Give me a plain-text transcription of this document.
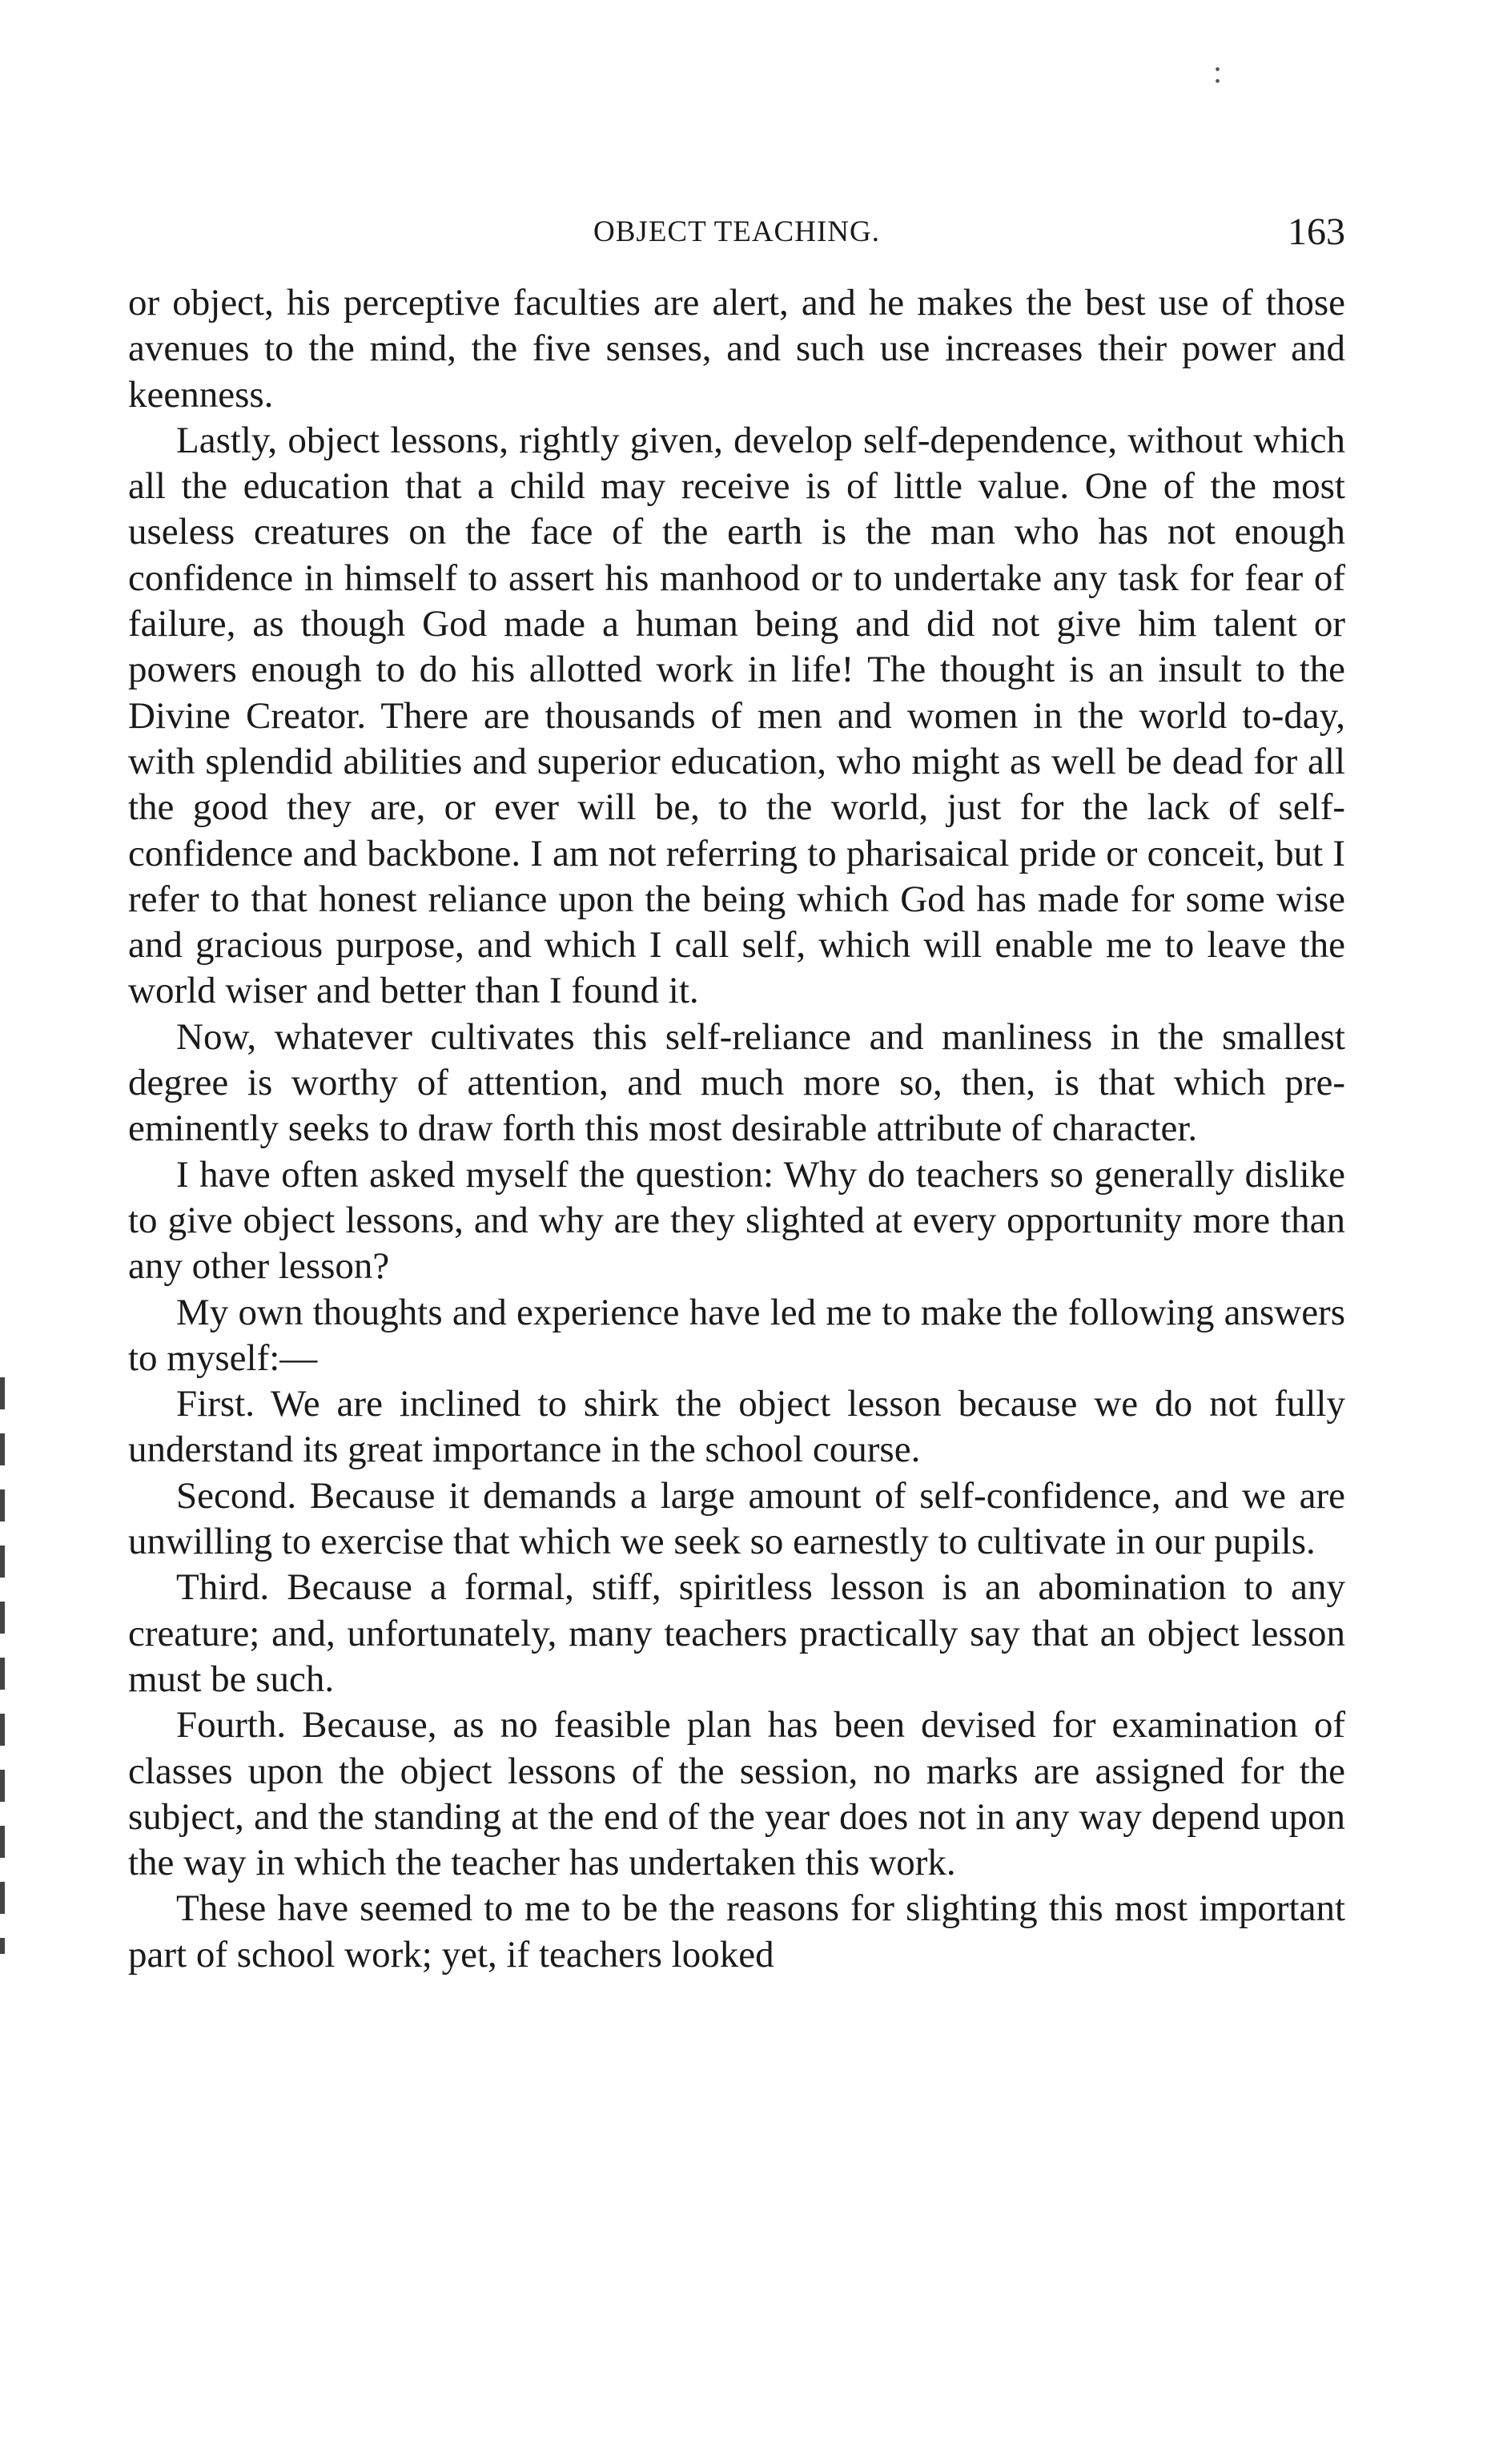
:
OBJECT TEACHING.	163

or object, his perceptive faculties are alert, and he makes the best use of those avenues to the mind, the five senses, and such use increases their power and keenness.

Lastly, object lessons, rightly given, develop self-dependence, without which all the education that a child may receive is of little value. One of the most useless creatures on the face of the earth is the man who has not enough confidence in himself to assert his manhood or to undertake any task for fear of failure, as though God made a human being and did not give him talent or powers enough to do his allotted work in life! The thought is an insult to the Divine Creator. There are thousands of men and women in the world to-day, with splendid abilities and superior education, who might as well be dead for all the good they are, or ever will be, to the world, just for the lack of self-confidence and backbone. I am not referring to pharisaical pride or conceit, but I refer to that honest reliance upon the being which God has made for some wise and gracious purpose, and which I call self, which will enable me to leave the world wiser and better than I found it.

Now, whatever cultivates this self-reliance and manliness in the smallest degree is worthy of attention, and much more so, then, is that which pre-eminently seeks to draw forth this most desirable attribute of character.

I have often asked myself the question: Why do teachers so generally dislike to give object lessons, and why are they slighted at every opportunity more than any other lesson?

My own thoughts and experience have led me to make the following answers to myself:—

First. We are inclined to shirk the object lesson because we do not fully understand its great importance in the school course.

Second. Because it demands a large amount of self-confidence, and we are unwilling to exercise that which we seek so earnestly to cultivate in our pupils.

Third. Because a formal, stiff, spiritless lesson is an abomination to any creature; and, unfortunately, many teachers practically say that an object lesson must be such.

Fourth. Because, as no feasible plan has been devised for examination of classes upon the object lessons of the session, no marks are assigned for the subject, and the standing at the end of the year does not in any way depend upon the way in which the teacher has undertaken this work.

These have seemed to me to be the reasons for slighting this most important part of school work; yet, if teachers looked
